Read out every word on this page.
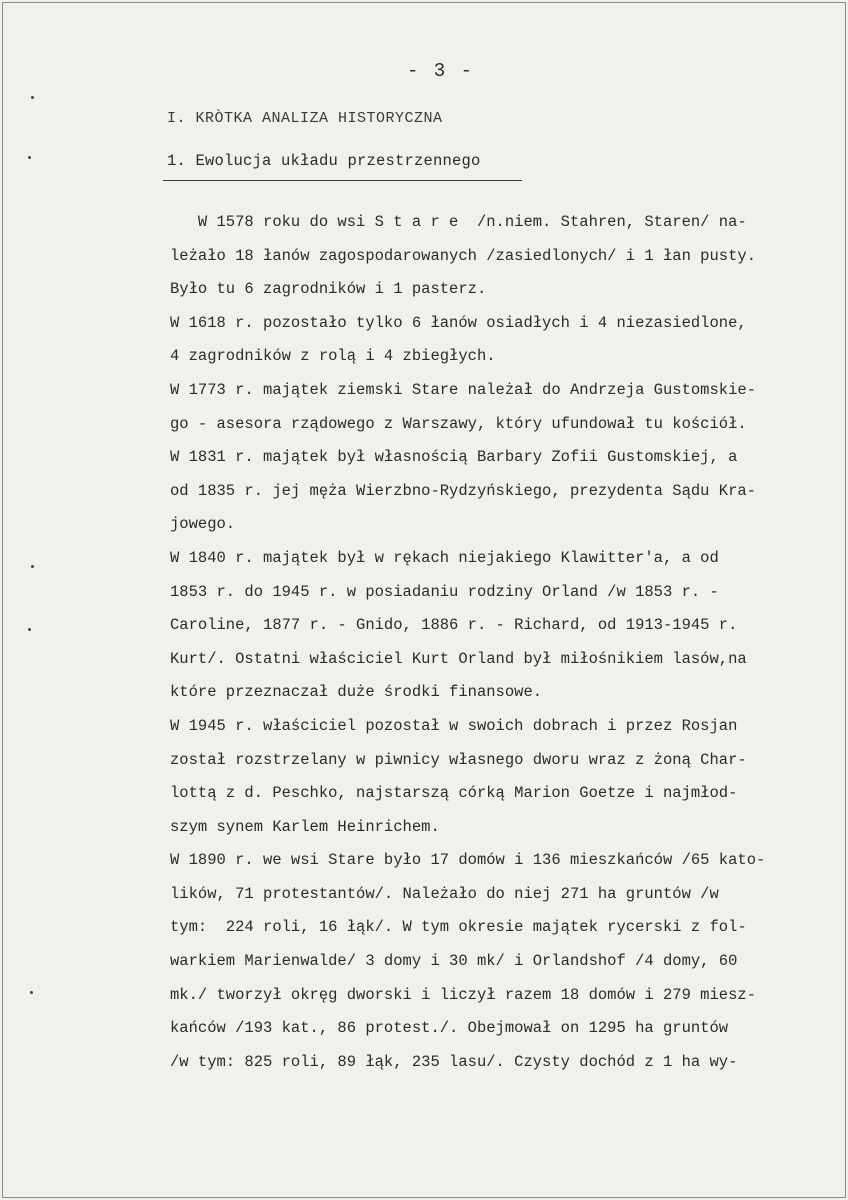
- 3 -
I. KRÒTKA ANALIZA HISTORYCZNA
1. Ewolucja układu przestrzennego
W 1578 roku do wsi S t a r e  /n.niem. Stahren, Staren/ na-
leżało 18 łanów zagospodarowanych /zasiedlonych/ i 1 łan pusty.
Było tu 6 zagrodników i 1 pasterz.
W 1618 r. pozostało tylko 6 łanów osiadłych i 4 niezasiedlone,
4 zagrodników z rolą i 4 zbiegłych.
W 1773 r. majątek ziemski Stare należał do Andrzeja Gustomskie-
go - asesora rządowego z Warszawy, który ufundował tu kościół.
W 1831 r. majątek był własnością Barbary Zofii Gustomskiej, a
od 1835 r. jej męża Wierzbno-Rydzyńskiego, prezydenta Sądu Kra-
jowego.
W 1840 r. majątek był w rękach niejakiego Klawitter'a, a od
1853 r. do 1945 r. w posiadaniu rodziny Orland /w 1853 r. -
Caroline, 1877 r. - Gnido, 1886 r. - Richard, od 1913-1945 r.
Kurt/. Ostatni właściciel Kurt Orland był miłośnikiem lasów,na
które przeznaczał duże środki finansowe.
W 1945 r. właściciel pozostał w swoich dobrach i przez Rosjan
został rozstrzelany w piwnicy własnego dworu wraz z żoną Char-
lottą z d. Peschko, najstarszą córką Marion Goetze i najmłod-
szym synem Karlem Heinrichem.
W 1890 r. we wsi Stare było 17 domów i 136 mieszkańców /65 kato-
lików, 71 protestantów/. Należało do niej 271 ha gruntów /w
tym:  224 roli, 16 łąk/. W tym okresie majątek rycerski z fol-
warkiem Marienwalde/ 3 domy i 30 mk/ i Orlandshof /4 domy, 60
mk./ tworzył okręg dworski i liczył razem 18 domów i 279 miesz-
kańców /193 kat., 86 protest./. Obejmował on 1295 ha gruntów
/w tym: 825 roli, 89 łąk, 235 lasu/. Czysty dochód z 1 ha wy-
